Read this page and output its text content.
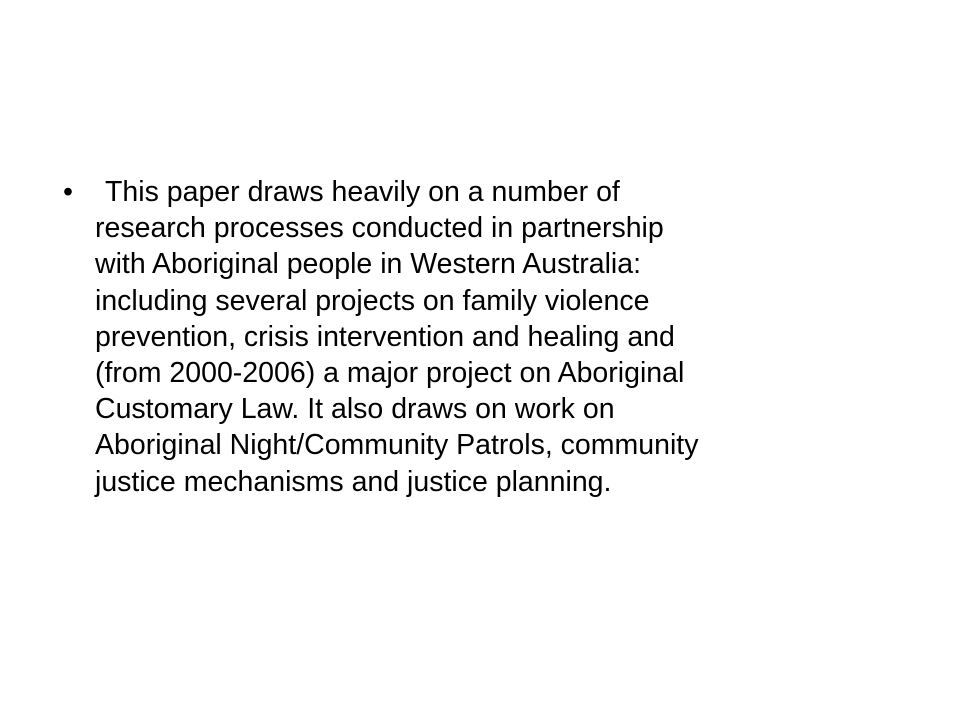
•	This paper draws heavily on a number of
research processes conducted in partnership
with Aboriginal people in Western Australia:
including several projects on family violence
prevention, crisis intervention and healing and
(from 2000-2006) a major project on Aboriginal
Customary Law. It also draws on work on
Aboriginal Night/Community Patrols, community
justice mechanisms and justice planning.
